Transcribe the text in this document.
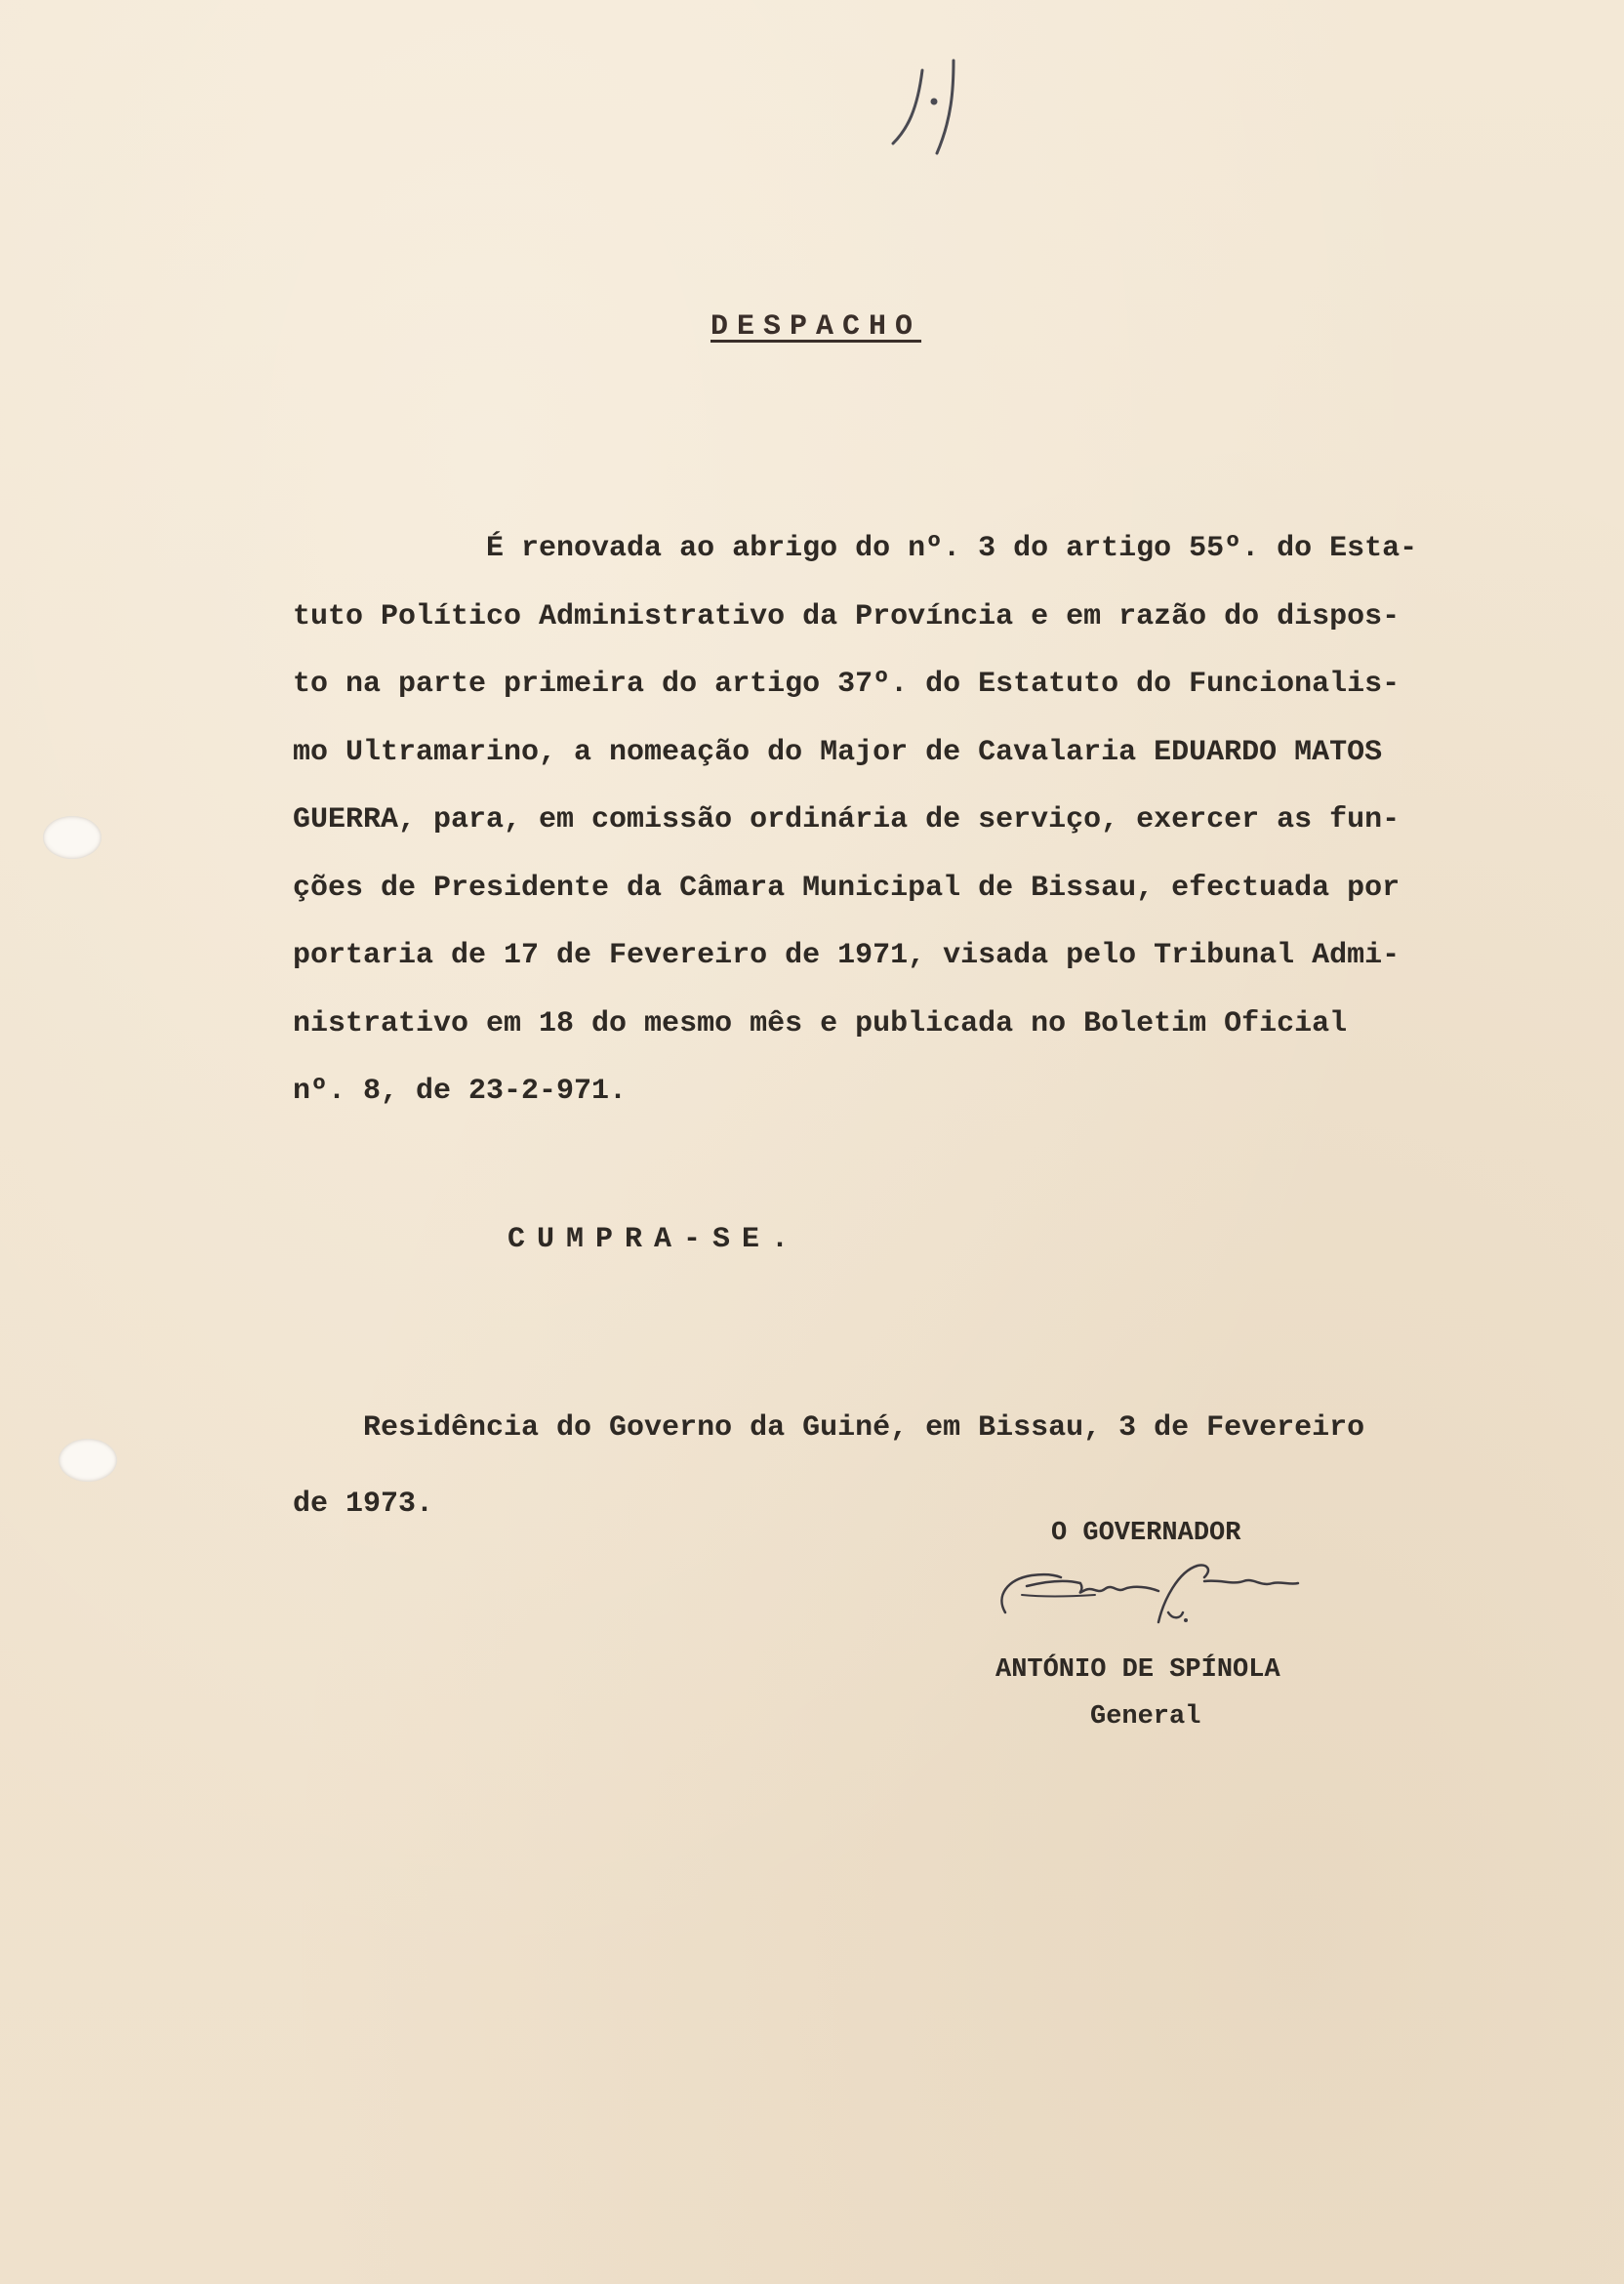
DESPACHO
É renovada ao abrigo do nº. 3 do artigo 55º. do Esta-
tuto Político Administrativo da Província e em razão do dispos-
to na parte primeira do artigo 37º. do Estatuto do Funcionalis-
mo Ultramarino, a nomeação do Major de Cavalaria EDUARDO MATOS
GUERRA, para, em comissão ordinária de serviço, exercer as fun-
ções de Presidente da Câmara Municipal de Bissau, efectuada por
portaria de 17 de Fevereiro de 1971, visada pelo Tribunal Admi-
nistrativo em 18 do mesmo mês e publicada no Boletim Oficial
nº. 8, de 23-2-971.
CUMPRA-SE.
Residência do Governo da Guiné, em Bissau, 3 de Fevereiro
de 1973.
O GOVERNADOR
ANTÓNIO DE SPÍNOLA
General
